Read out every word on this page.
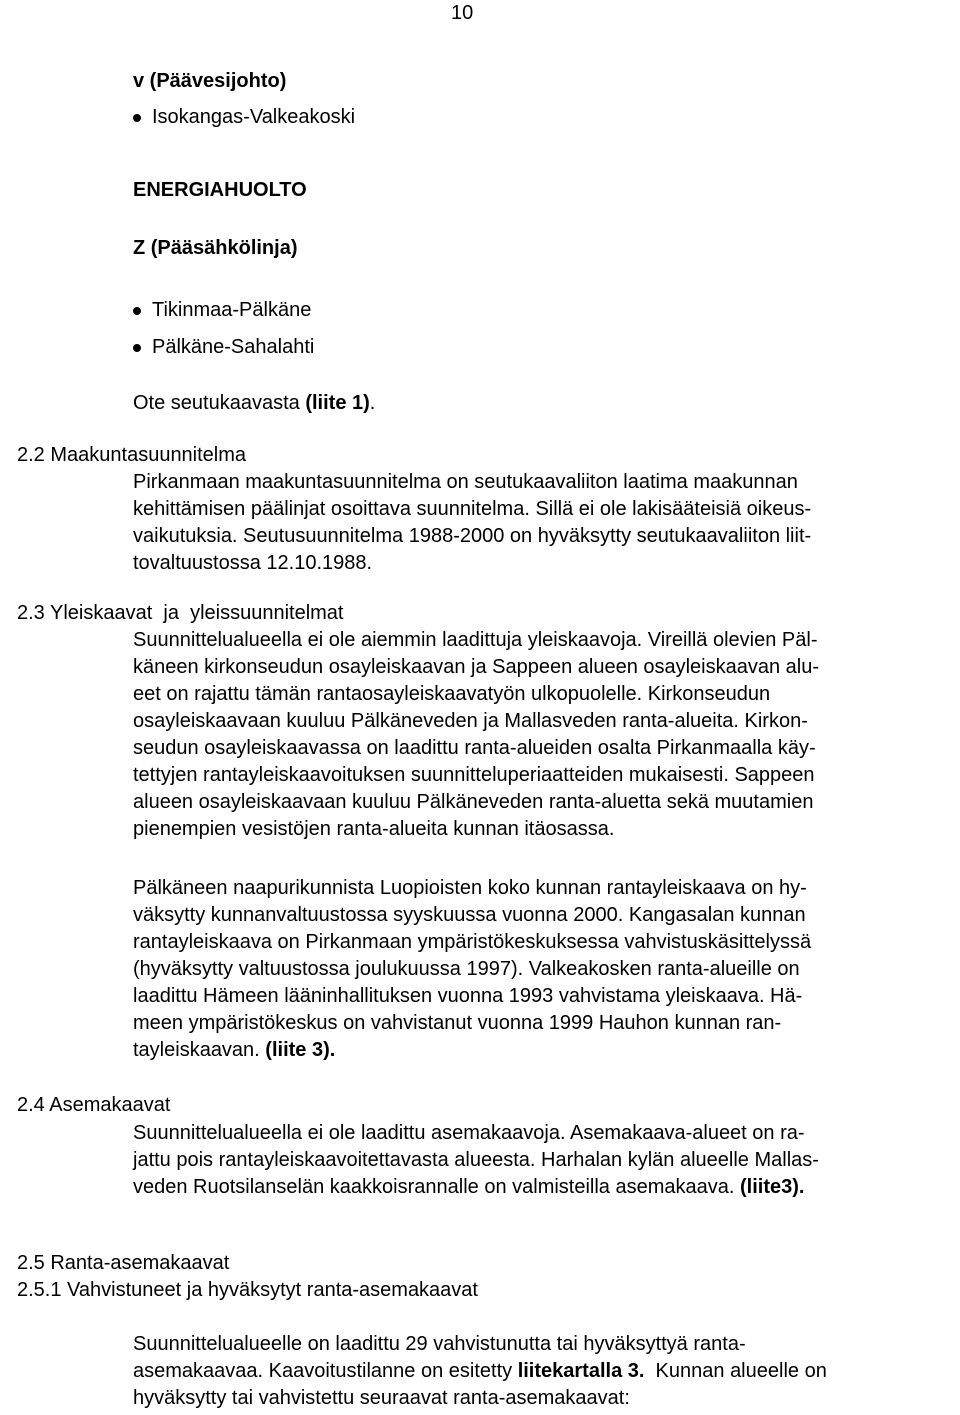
10
v (Päävesijohto)
Isokangas-Valkeakoski
ENERGIAHUOLTO
Z (Pääsähkölinja)
Tikinmaa-Pälkäne
Pälkäne-Sahalahti
Ote seutukaavasta (liite 1).
2.2 Maakuntasuunnitelma
Pirkanmaan maakuntasuunnitelma on seutukaavaliiton laatima maakunnan
kehittämisen päälinjat osoittava suunnitelma. Sillä ei ole lakisääteisiä oikeus-
vaikutuksia. Seutusuunnitelma 1988-2000 on hyväksytty seutukaavaliiton liit-
tovaltuustossa 12.10.1988.
2.3 Yleiskaavat  ja  yleissuunnitelmat
Suunnittelualueella ei ole aiemmin laadittuja yleiskaavoja. Vireillä olevien Päl-
käneen kirkonseudun osayleiskaavan ja Sappeen alueen osayleiskaavan alu-
eet on rajattu tämän rantaosayleiskaavatyön ulkopuolelle. Kirkonseudun
osayleiskaavaan kuuluu Pälkäneveden ja Mallasveden ranta-alueita. Kirkon-
seudun osayleiskaavassa on laadittu ranta-alueiden osalta Pirkanmaalla käy-
tettyjen rantayleiskaavoituksen suunnitteluperiaatteiden mukaisesti. Sappeen
alueen osayleiskaavaan kuuluu Pälkäneveden ranta-aluetta sekä muutamien
pienempien vesistöjen ranta-alueita kunnan itäosassa.
Pälkäneen naapurikunnista Luopioisten koko kunnan rantayleiskaava on hy-
väksytty kunnanvaltuustossa syyskuussa vuonna 2000. Kangasalan kunnan
rantayleiskaava on Pirkanmaan ympäristökeskuksessa vahvistuskäsittelyssä
(hyväksytty valtuustossa joulukuussa 1997). Valkeakosken ranta-alueille on
laadittu Hämeen lääninhallituksen vuonna 1993 vahvistama yleiskaava. Hä-
meen ympäristökeskus on vahvistanut vuonna 1999 Hauhon kunnan ran-
tayleiskaavan. (liite 3).
2.4 Asemakaavat
Suunnittelualueella ei ole laadittu asemakaavoja. Asemakaava-alueet on ra-
jattu pois rantayleiskaavoitettavasta alueesta. Harhalan kylän alueelle Mallas-
veden Ruotsilanselän kaakkoisrannalle on valmisteilla asemakaava. (liite3).
2.5 Ranta-asemakaavat
2.5.1 Vahvistuneet ja hyväksytyt ranta-asemakaavat
Suunnittelualueelle on laadittu 29 vahvistunutta tai hyväksyttyä ranta-
asemakaavaa. Kaavoitustilanne on esitetty liitekartalla 3.  Kunnan alueelle on
hyväksytty tai vahvistettu seuraavat ranta-asemakaavat:
